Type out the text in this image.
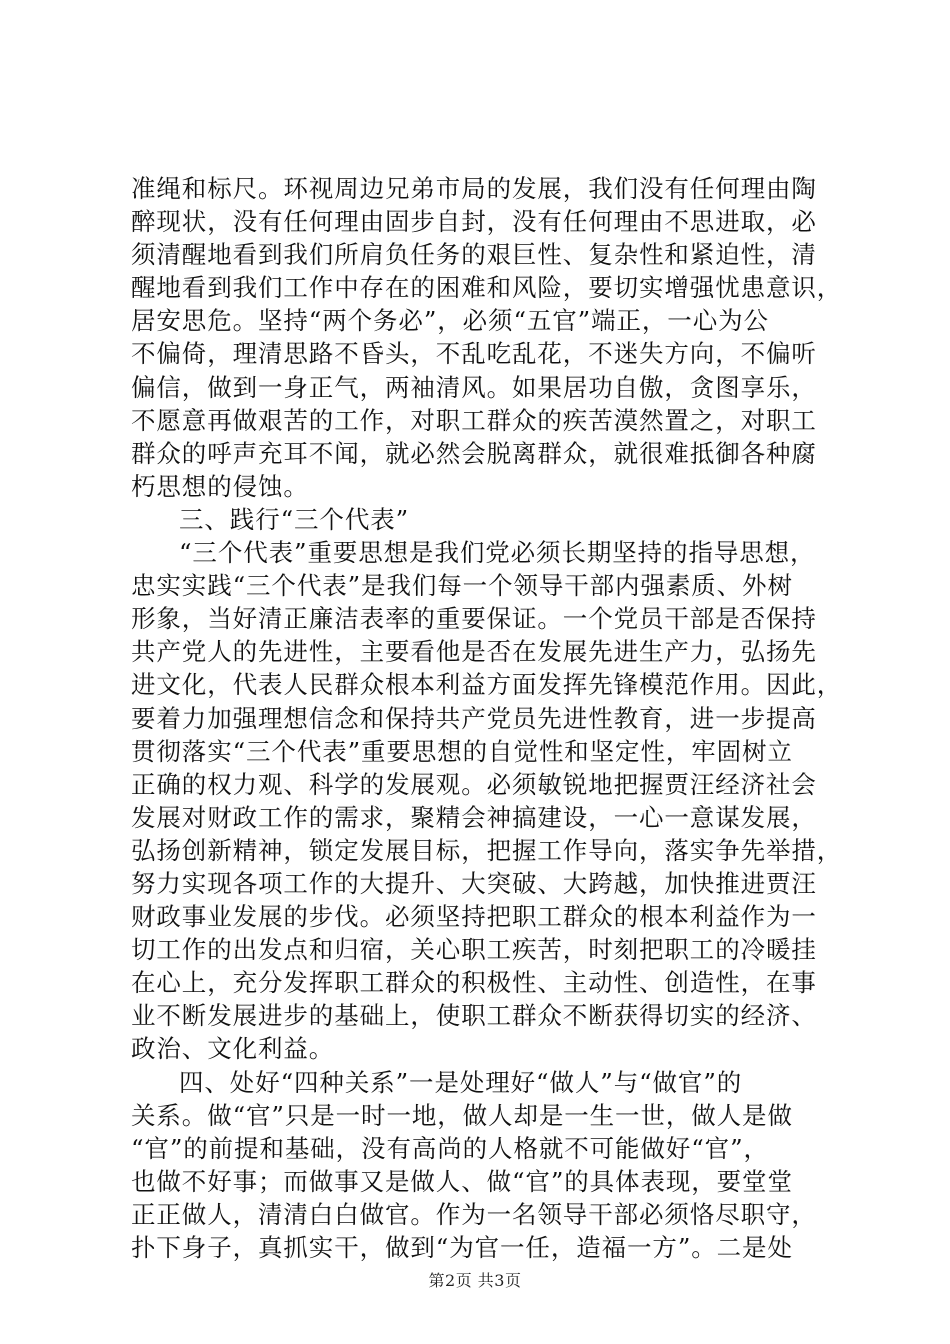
准绳和标尺。环视周边兄弟市局的发展，我们没有任何理由陶
醉现状，没有任何理由固步自封，没有任何理由不思进取，必
须清醒地看到我们所肩负任务的艰巨性、复杂性和紧迫性，清
醒地看到我们工作中存在的困难和风险，要切实增强忧患意识，
居安思危。坚持“两个务必”，必须“五官”端正，一心为公
不偏倚，理清思路不昏头，不乱吃乱花，不迷失方向，不偏听
偏信，做到一身正气，两袖清风。如果居功自傲，贪图享乐，
不愿意再做艰苦的工作，对职工群众的疾苦漠然置之，对职工
群众的呼声充耳不闻，就必然会脱离群众，就很难抵御各种腐
朽思想的侵蚀。
三、践行“三个代表”
“三个代表”重要思想是我们党必须长期坚持的指导思想，
忠实实践“三个代表”是我们每一个领导干部内强素质、外树
形象，当好清正廉洁表率的重要保证。一个党员干部是否保持
共产党人的先进性，主要看他是否在发展先进生产力，弘扬先
进文化，代表人民群众根本利益方面发挥先锋模范作用。因此，
要着力加强理想信念和保持共产党员先进性教育，进一步提高
贯彻落实“三个代表”重要思想的自觉性和坚定性，牢固树立
正确的权力观、科学的发展观。必须敏锐地把握贾汪经济社会
发展对财政工作的需求，聚精会神搞建设，一心一意谋发展，
弘扬创新精神，锁定发展目标，把握工作导向，落实争先举措，
努力实现各项工作的大提升、大突破、大跨越，加快推进贾汪
财政事业发展的步伐。必须坚持把职工群众的根本利益作为一
切工作的出发点和归宿，关心职工疾苦，时刻把职工的冷暖挂
在心上，充分发挥职工群众的积极性、主动性、创造性，在事
业不断发展进步的基础上，使职工群众不断获得切实的经济、
政治、文化利益。
四、处好“四种关系”一是处理好“做人”与“做官”的
关系。做“官”只是一时一地，做人却是一生一世，做人是做
“官”的前提和基础，没有高尚的人格就不可能做好“官”，
也做不好事；而做事又是做人、做“官”的具体表现，要堂堂
正正做人，清清白白做官。作为一名领导干部必须恪尽职守，
扑下身子，真抓实干，做到“为官一任，造福一方”。二是处
第2页 共3页
